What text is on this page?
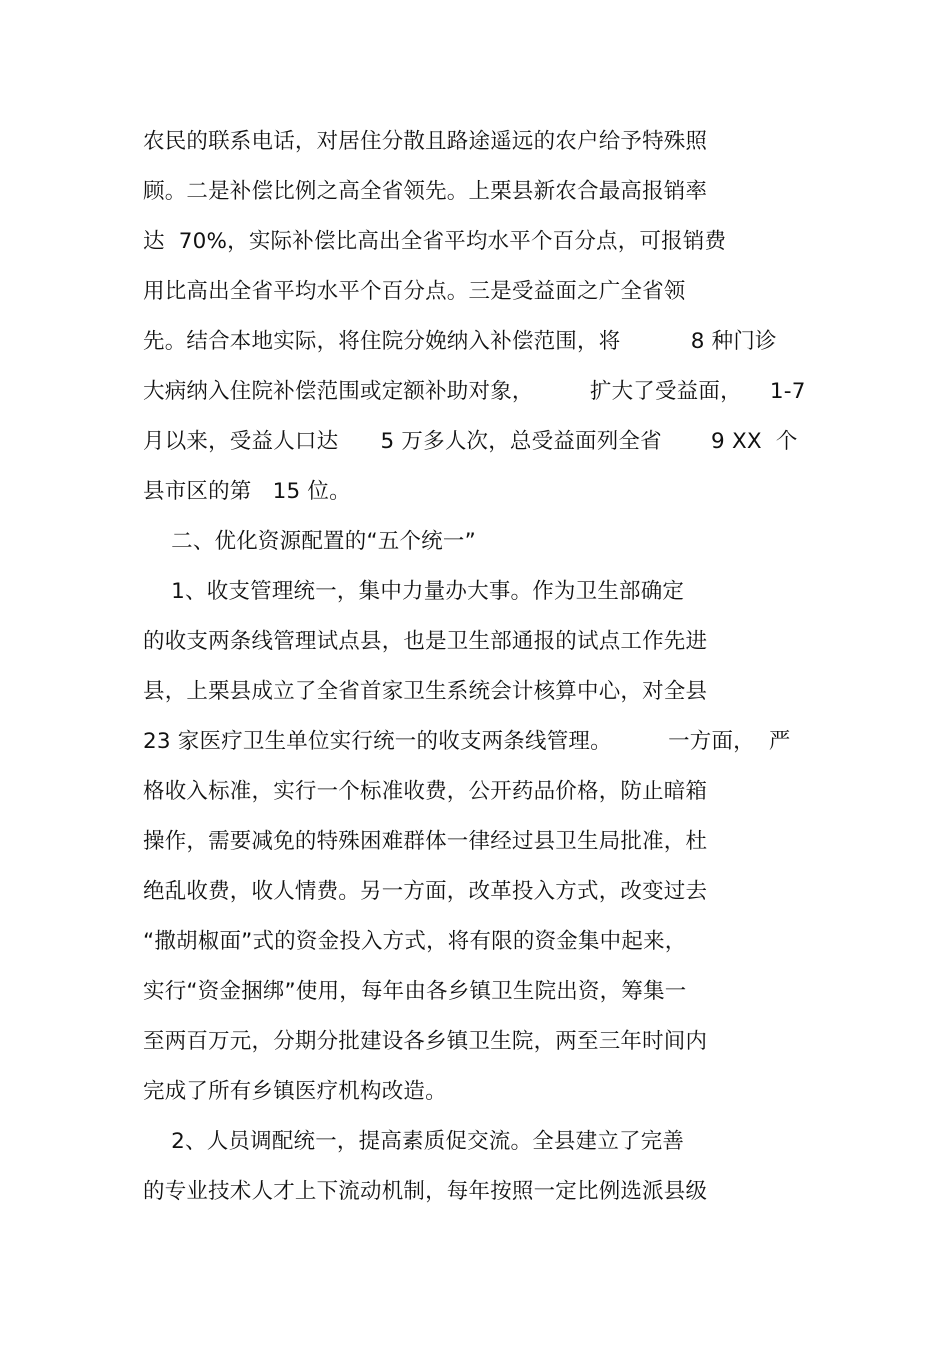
农民的联系电话，对居住分散且路途遥远的农户给予特殊照
顾。二是补偿比例之高全省领先。上栗县新农合最高报销率
达  70%，实际补偿比高出全省平均水平个百分点，可报销费
用比高出全省平均水平个百分点。三是受益面之广全省领
先。结合本地实际，将住院分娩纳入补偿范围，将          8 种门诊
大病纳入住院补偿范围或定额补助对象，        扩大了受益面，    1-7
月以来，受益人口达      5 万多人次，总受益面列全省       9 XX  个
县市区的第   15 位。
二、优化资源配置的“五个统一”
1、收支管理统一，集中力量办大事。作为卫生部确定
的收支两条线管理试点县，也是卫生部通报的试点工作先进
县，上栗县成立了全省首家卫生系统会计核算中心，对全县
23 家医疗卫生单位实行统一的收支两条线管理。        一方面，  严
格收入标准，实行一个标准收费，公开药品价格，防止暗箱
操作，需要减免的特殊困难群体一律经过县卫生局批准，杜
绝乱收费，收人情费。另一方面，改革投入方式，改变过去
“撒胡椒面”式的资金投入方式，将有限的资金集中起来，
实行“资金捆绑”使用，每年由各乡镇卫生院出资，筹集一
至两百万元，分期分批建设各乡镇卫生院，两至三年时间内
完成了所有乡镇医疗机构改造。
2、人员调配统一，提高素质促交流。全县建立了完善
的专业技术人才上下流动机制，每年按照一定比例选派县级
